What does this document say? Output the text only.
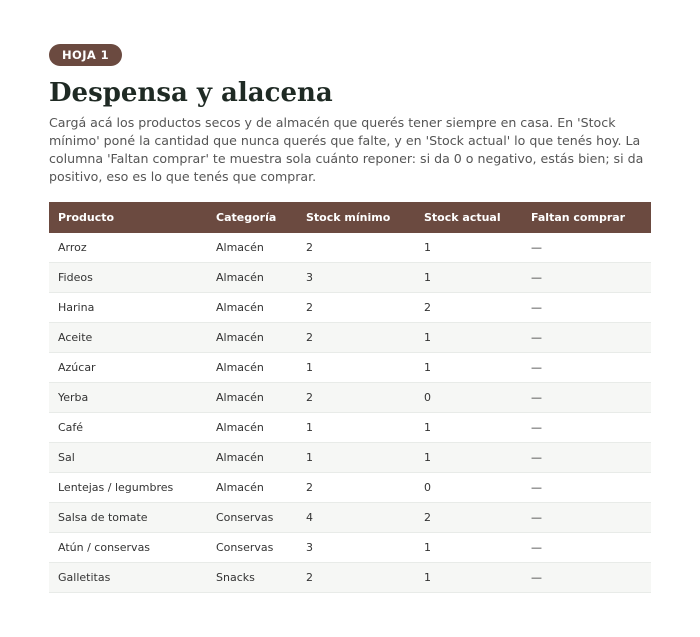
HOJA 1
Despensa y alacena

Cargá acá los productos secos y de almacén que querés tener siempre en casa. En 'Stock mínimo' poné la cantidad que nunca querés que falte, y en 'Stock actual' lo que tenés hoy. La columna 'Faltan comprar' te muestra sola cuánto reponer: si da 0 o negativo, estás bien; si da positivo, eso es lo que tenés que comprar.

Producto	Categoría	Stock mínimo	Stock actual	Faltan comprar
Arroz	Almacén	2	1	—
Fideos	Almacén	3	1	—
Harina	Almacén	2	2	—
Aceite	Almacén	2	1	—
Azúcar	Almacén	1	1	—
Yerba	Almacén	2	0	—
Café	Almacén	1	1	—
Sal	Almacén	1	1	—
Lentejas / legumbres	Almacén	2	0	—
Salsa de tomate	Conservas	4	2	—
Atún / conservas	Conservas	3	1	—
Galletitas	Snacks	2	1	—
